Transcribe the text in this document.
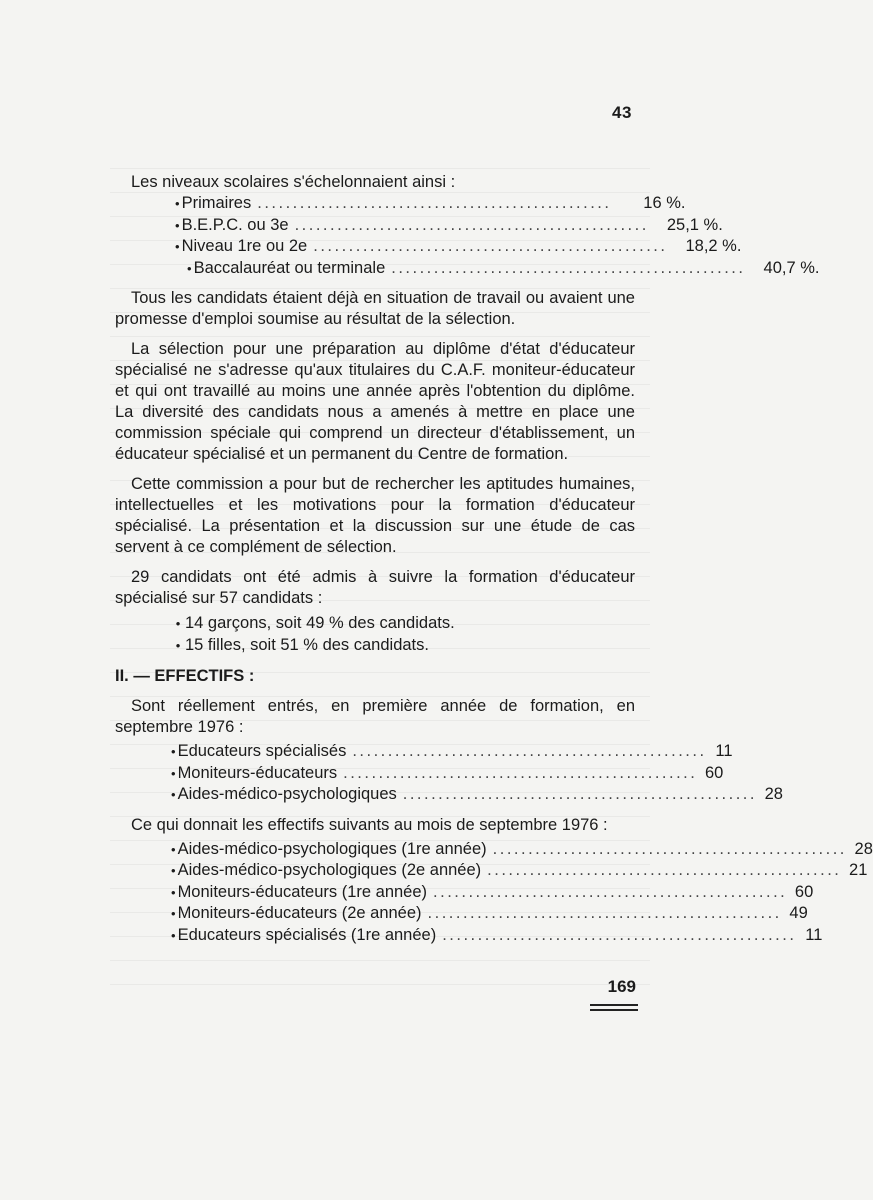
43

Les niveaux scolaires s'échelonnaient ainsi :

• Primaires ..................................................	16 %.
• B.E.P.C. ou 3e ..................................................	25,1 %.
• Niveau 1re ou 2e ..................................................	18,2 %.
• Baccalauréat ou terminale ..................................................	40,7 %.

Tous les candidats étaient déjà en situation de travail ou avaient une promesse d'emploi soumise au résultat de la sélection.

La sélection pour une préparation au diplôme d'état d'éducateur spécialisé ne s'adresse qu'aux titulaires du C.A.F. moniteur-éducateur et qui ont travaillé au moins une année après l'obtention du diplôme. La diversité des candidats nous a amenés à mettre en place une commission spéciale qui comprend un directeur d'établissement, un éducateur spécialisé et un permanent du Centre de formation.

Cette commission a pour but de rechercher les aptitudes humaines, intellectuelles et les motivations pour la formation d'éducateur spécialisé. La présentation et la discussion sur une étude de cas servent à ce complément de sélection.

29 candidats ont été admis à suivre la formation d'éducateur spécialisé sur 57 candidats :

• 14 garçons, soit 49 % des candidats.
• 15 filles, soit 51 % des candidats.
II. — EFFECTIFS :

Sont réellement entrés, en première année de formation, en septembre 1976 :

• Educateurs spécialisés .................................................. 11
• Moniteurs-éducateurs .................................................. 60
• Aides-médico-psychologiques .................................................. 28

Ce qui donnait les effectifs suivants au mois de septembre 1976 :

• Aides-médico-psychologiques (1re année) .................................................. 28
• Aides-médico-psychologiques (2e année) .................................................. 21
• Moniteurs-éducateurs (1re année) .................................................. 60
• Moniteurs-éducateurs (2e année) .................................................. 49
• Educateurs spécialisés (1re année) .................................................. 11
169
